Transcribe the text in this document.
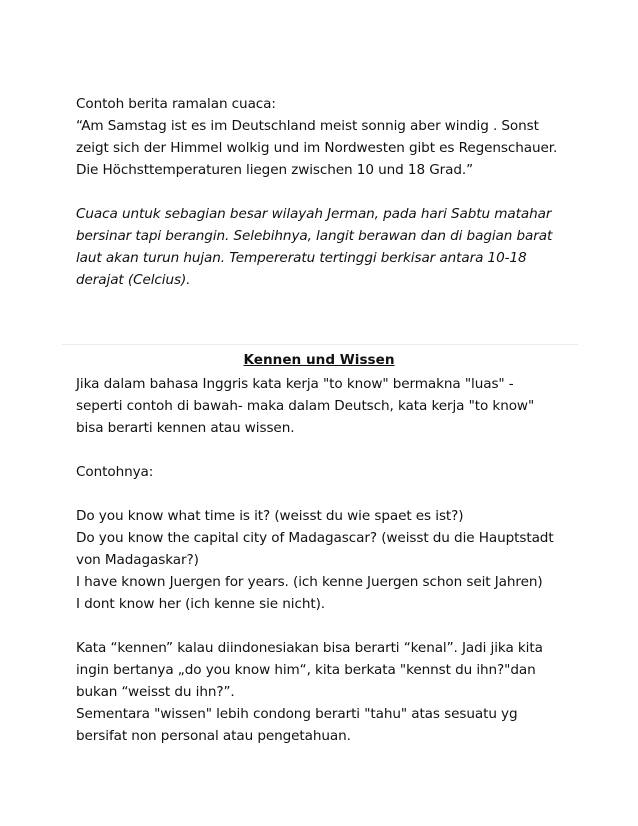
Contoh berita ramalan cuaca:
“Am Samstag ist es im Deutschland meist sonnig aber windig . Sonst
zeigt sich der Himmel wolkig und im Nordwesten gibt es Regenschauer.
Die Höchsttemperaturen liegen zwischen 10 und 18 Grad.”
Cuaca untuk sebagian besar wilayah Jerman, pada hari Sabtu matahar
bersinar tapi berangin. Selebihnya, langit berawan dan di bagian barat
laut akan turun hujan. Tempereratu tertinggi berkisar antara 10-18
derajat (Celcius).
Kennen und Wissen
Jika dalam bahasa Inggris kata kerja "to know" bermakna "luas" -
seperti contoh di bawah- maka dalam Deutsch, kata kerja "to know"
bisa berarti kennen atau wissen.
Contohnya:
Do you know what time is it? (weisst du wie spaet es ist?)
Do you know the capital city of Madagascar? (weisst du die Hauptstadt
von Madagaskar?)
I have known Juergen for years. (ich kenne Juergen schon seit Jahren)
I dont know her (ich kenne sie nicht).
Kata “kennen” kalau diindonesiakan bisa berarti “kenal”. Jadi jika kita
ingin bertanya „do you know him“, kita berkata "kennst du ihn?"dan
bukan “weisst du ihn?”.
Sementara "wissen" lebih condong berarti "tahu" atas sesuatu yg
bersifat non personal atau pengetahuan.
